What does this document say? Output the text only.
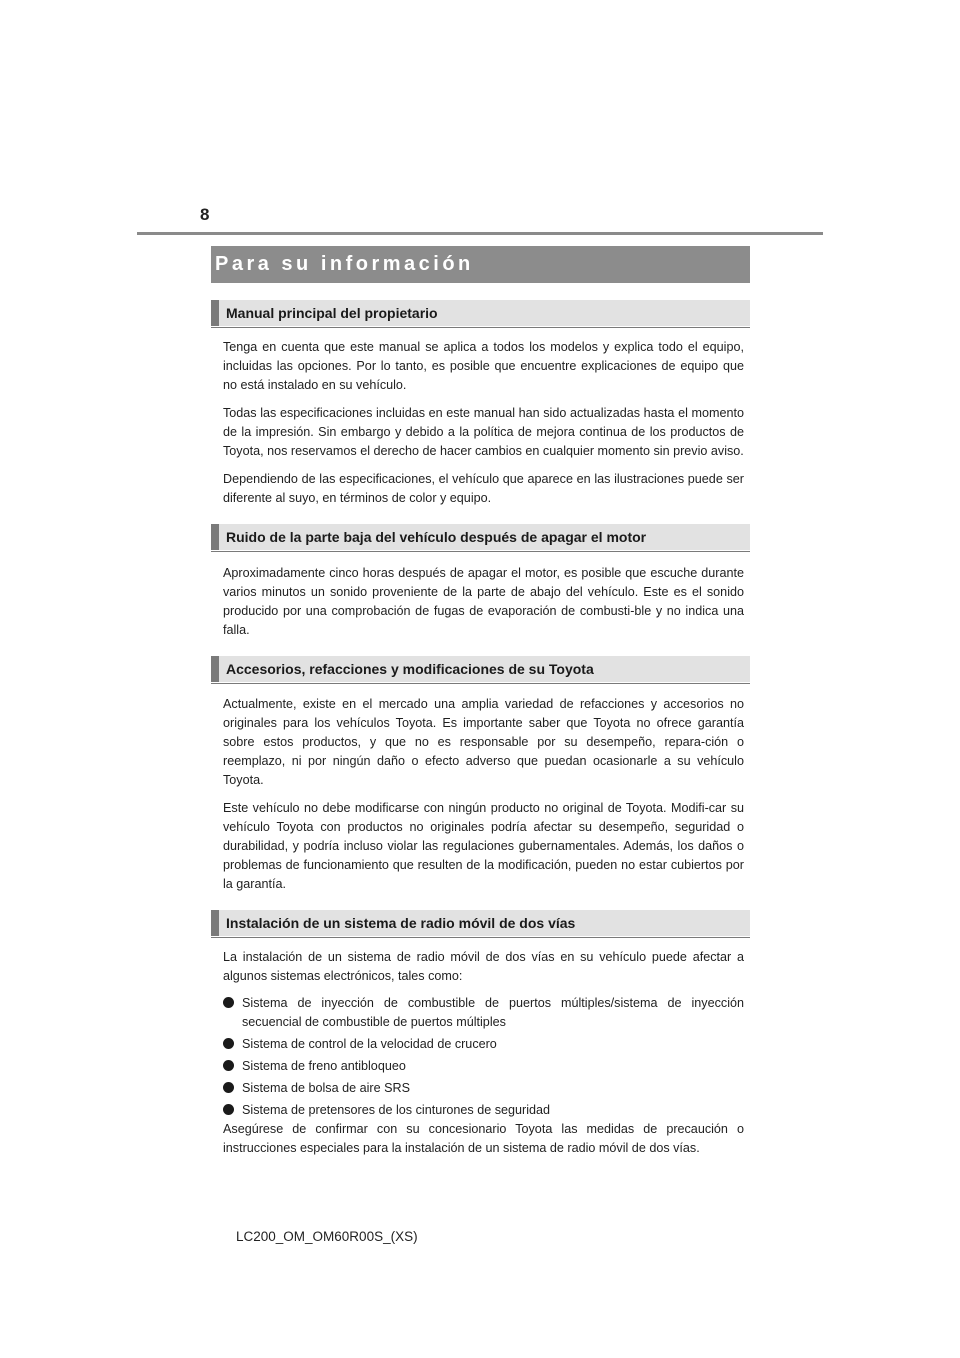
8
Para su información
Manual principal del propietario

Tenga en cuenta que este manual se aplica a todos los modelos y explica todo el equipo, incluidas las opciones. Por lo tanto, es posible que encuentre explicaciones de equipo que no está instalado en su vehículo.

Todas las especificaciones incluidas en este manual han sido actualizadas hasta el momento de la impresión. Sin embargo y debido a la política de mejora continua de los productos de Toyota, nos reservamos el derecho de hacer cambios en cualquier momento sin previo aviso.

Dependiendo de las especificaciones, el vehículo que aparece en las ilustraciones puede ser diferente al suyo, en términos de color y equipo.

Ruido de la parte baja del vehículo después de apagar el motor

Aproximadamente cinco horas después de apagar el motor, es posible que escuche durante varios minutos un sonido proveniente de la parte de abajo del vehículo. Este es el sonido producido por una comprobación de fugas de evaporación de combusti-ble y no indica una falla.

Accesorios, refacciones y modificaciones de su Toyota

Actualmente, existe en el mercado una amplia variedad de refacciones y accesorios no originales para los vehículos Toyota. Es importante saber que Toyota no ofrece garantía sobre estos productos, y que no es responsable por su desempeño, repara-ción o reemplazo, ni por ningún daño o efecto adverso que puedan ocasionarle a su vehículo Toyota.

Este vehículo no debe modificarse con ningún producto no original de Toyota. Modifi-car su vehículo Toyota con productos no originales podría afectar su desempeño, seguridad o durabilidad, y podría incluso violar las regulaciones gubernamentales. Además, los daños o problemas de funcionamiento que resulten de la modificación, pueden no estar cubiertos por la garantía.

Instalación de un sistema de radio móvil de dos vías

La instalación de un sistema de radio móvil de dos vías en su vehículo puede afectar a algunos sistemas electrónicos, tales como:

Sistema de inyección de combustible de puertos múltiples/sistema de inyección secuencial de combustible de puertos múltiples
Sistema de control de la velocidad de crucero
Sistema de freno antibloqueo
Sistema de bolsa de aire SRS
Sistema de pretensores de los cinturones de seguridad

Asegúrese de confirmar con su concesionario Toyota las medidas de precaución o instrucciones especiales para la instalación de un sistema de radio móvil de dos vías.

LC200_OM_OM60R00S_(XS)
